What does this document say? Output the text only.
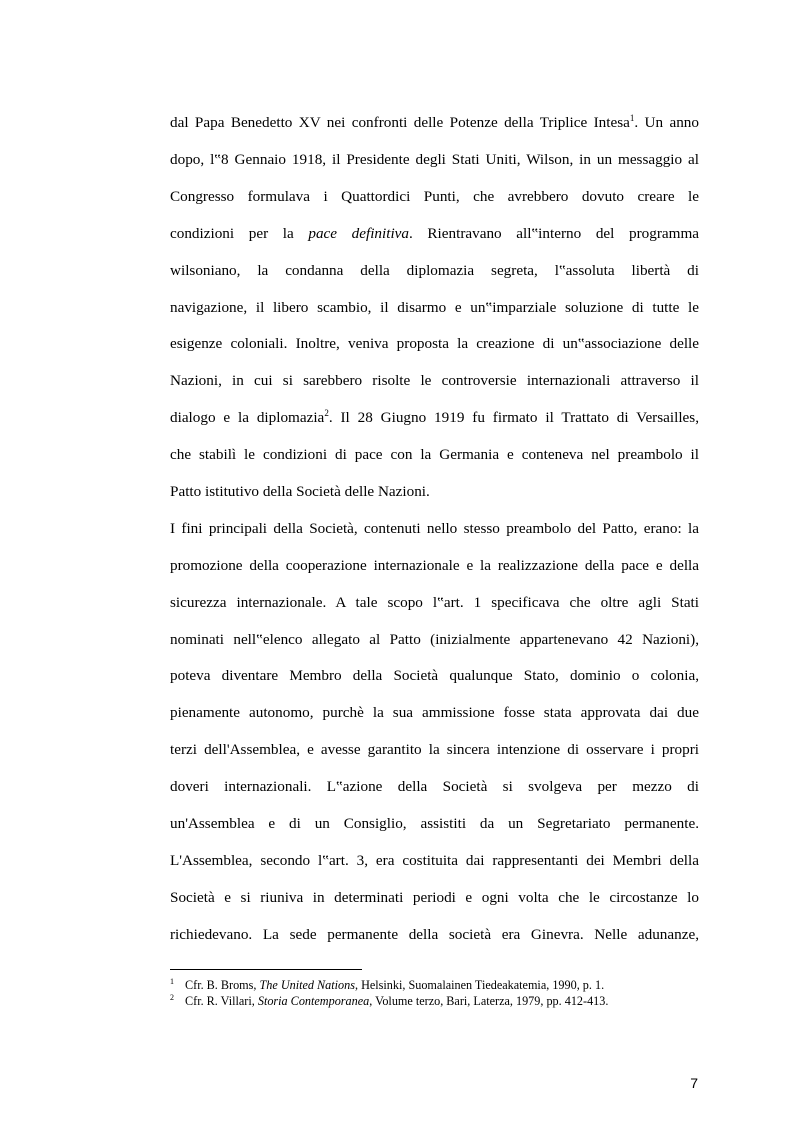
dal Papa Benedetto XV nei confronti delle Potenze della Triplice Intesa$^1$. Un anno
dopo, l‟8 Gennaio 1918, il Presidente degli Stati Uniti, Wilson, in un messaggio al
Congresso formulava i Quattordici Punti, che avrebbero dovuto creare le
condizioni per la pace definitiva. Rientravano all‟interno del programma
wilsoniano, la condanna della diplomazia segreta, l‟assoluta libertà di
navigazione, il libero scambio, il disarmo e un‟imparziale soluzione di tutte le
esigenze coloniali. Inoltre, veniva proposta la creazione di un‟associazione delle
Nazioni, in cui si sarebbero risolte le controversie internazionali attraverso il
dialogo e la diplomazia$^2$. Il 28 Giugno 1919 fu firmato il Trattato di Versailles,
che stabilì le condizioni di pace con la Germania e conteneva nel preambolo il
Patto istitutivo della Società delle Nazioni.
I fini principali della Società, contenuti nello stesso preambolo del Patto, erano: la
promozione della cooperazione internazionale e la realizzazione della pace e della
sicurezza internazionale. A tale scopo l‟art. 1 specificava che oltre agli Stati
nominati nell‟elenco allegato al Patto (inizialmente appartenevano 42 Nazioni),
poteva diventare Membro della Società qualunque Stato, dominio o colonia,
pienamente autonomo, purchè la sua ammissione fosse stata approvata dai due
terzi dell'Assemblea, e avesse garantito la sincera intenzione di osservare i propri
doveri internazionali. L‟azione della Società si svolgeva per mezzo di
un'Assemblea e di un Consiglio, assistiti da un Segretariato permanente.
L'Assemblea, secondo l‟art. 3, era costituita dai rappresentanti dei Membri della
Società e si riuniva in determinati periodi e ogni volta che le circostanze lo
richiedevano. La sede permanente della società era Ginevra. Nelle adunanze,
1 Cfr. B. Broms, The United Nations, Helsinki, Suomalainen Tiedeakatemia, 1990, p. 1.
2 Cfr. R. Villari, Storia Contemporanea, Volume terzo, Bari, Laterza, 1979, pp. 412-413.
7
